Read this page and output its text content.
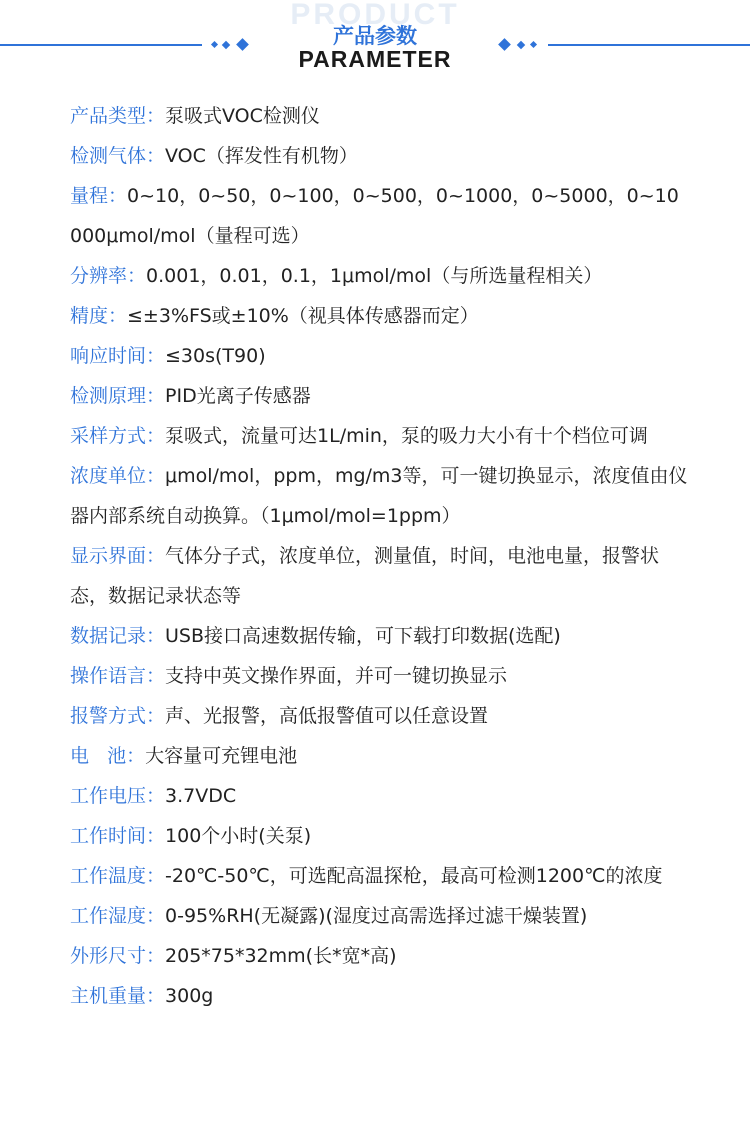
PRODUCT
产品参数
PARAMETER

产品类型：泵吸式VOC检测仪

检测气体：VOC（挥发性有机物）

量程：0~10，0~50，0~100，0~500，0~1000，0~5000，0~10000μmol/mol（量程可选）

分辨率：0.001，0.01，0.1，1μmol/mol（与所选量程相关）

精度：≤±3%FS或±10%（视具体传感器而定）

响应时间：≤30s(T90)

检测原理：PID光离子传感器

采样方式：泵吸式，流量可达1L/min，泵的吸力大小有十个档位可调

浓度单位：μmol/mol，ppm，mg/m3等，可一键切换显示，浓度值由仪器内部系统自动换算。（1μmol/mol=1ppm）

显示界面：气体分子式，浓度单位，测量值，时间，电池电量，报警状态，数据记录状态等

数据记录：USB接口高速数据传输，可下载打印数据(选配)

操作语言：支持中英文操作界面，并可一键切换显示

报警方式：声、光报警，高低报警值可以任意设置

电   池：大容量可充锂电池

工作电压：3.7VDC

工作时间：100个小时(关泵)

工作温度：-20℃-50℃，可选配高温探枪，最高可检测1200℃的浓度

工作湿度：0-95%RH(无凝露)(湿度过高需选择过滤干燥装置)

外形尺寸：205*75*32mm(长*宽*高)

主机重量：300g
